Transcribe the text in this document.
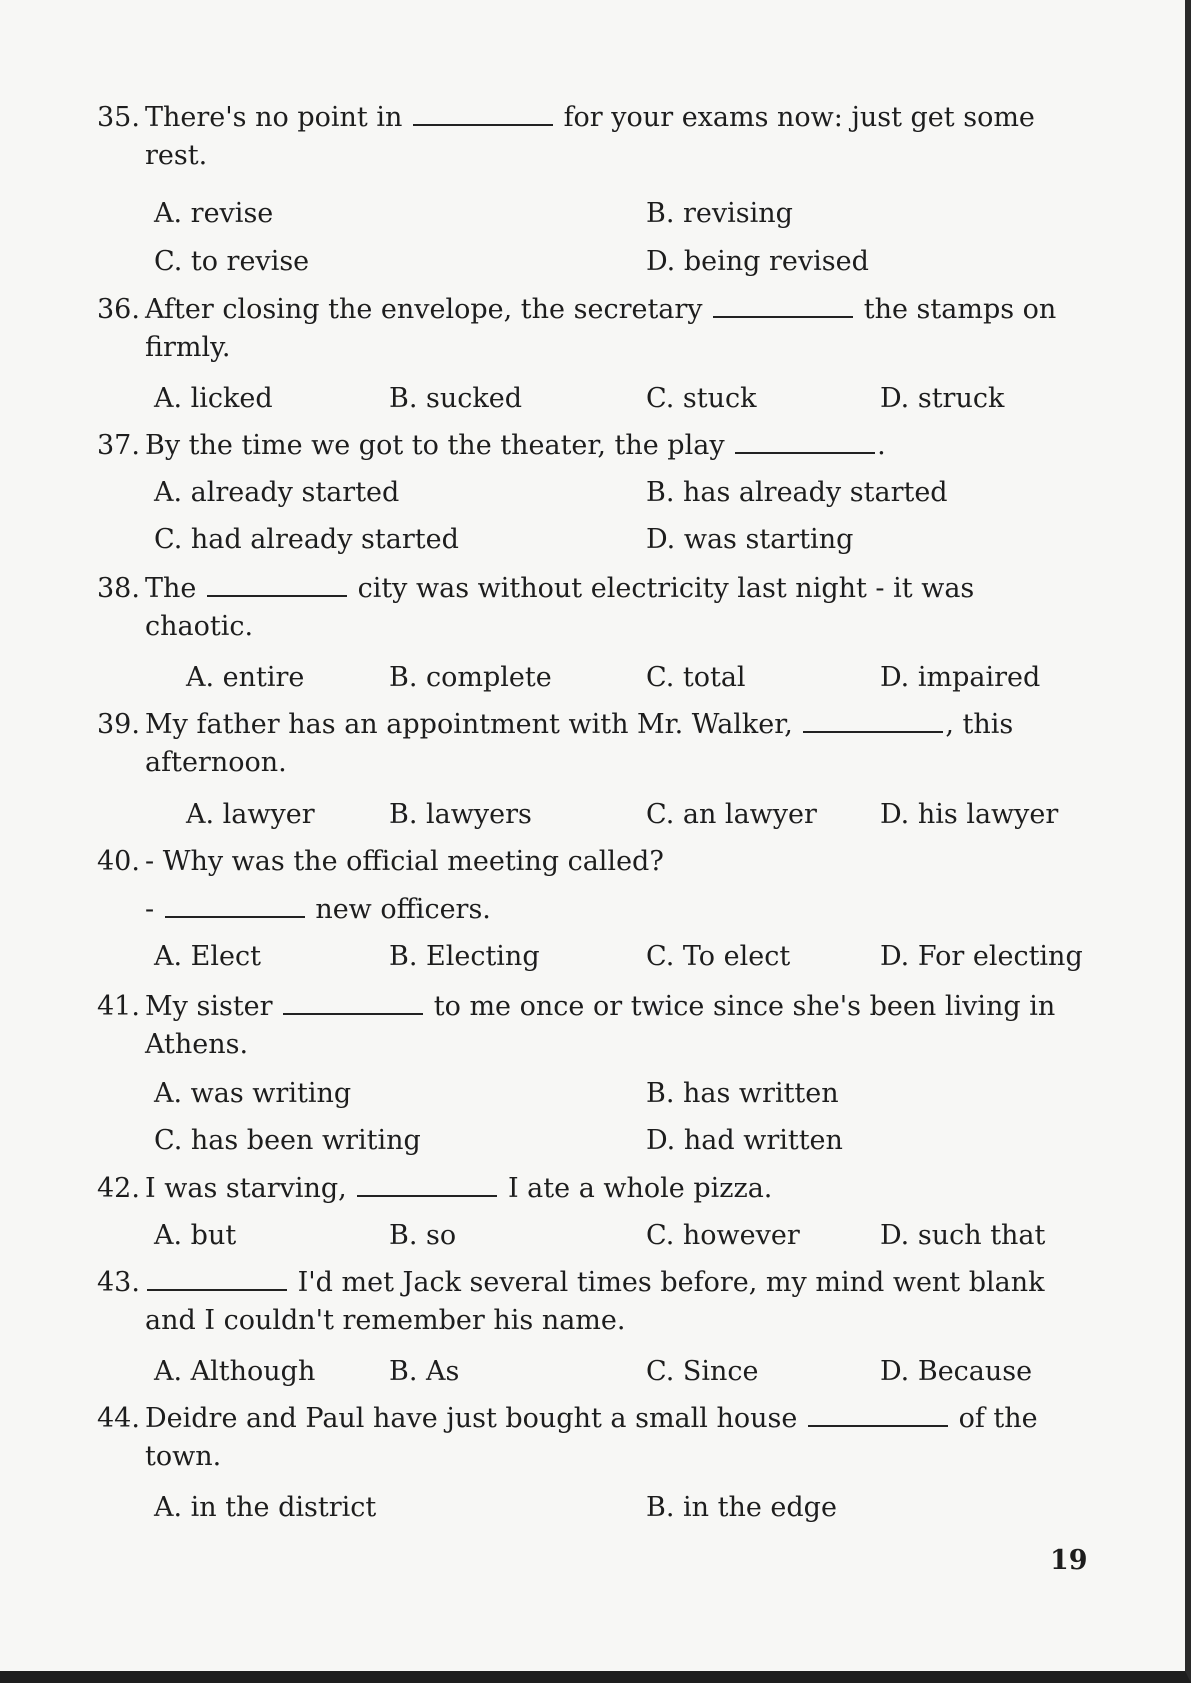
35. There's no point in	for your exams now: just get some
rest.
A. revise	B. revising
C. to revise	D. being revised
36. After closing the envelope, the secretary	the stamps on
firmly.
A. licked	B. sucked	C. stuck	D. struck
37. By the time we got to the theater, the play	.
A. already started	B. has already started
C. had already started	D. was starting
38. The	city was without electricity last night - it was
chaotic.
A. entire	B. complete	C. total	D. impaired
39. My father has an appointment with Mr. Walker,	, this
afternoon.
A. lawyer	B. lawyers	C. an lawyer D. his lawyer
40. - Why was the official meeting called?
-	new officers.
A. Elect	B. Electing	C. To elect	D. For electing
41. My sister	to me once or twice since she's been living in
Athens.
A. was writing	B. has written
C. has been writing	D. had written
42. I was starving,	I ate a whole pizza.
A. but	B. so	C. however	D. such that
43.	I'd met Jack several times before, my mind went blank
and I couldn't remember his name.
A. Although	B. As	C. Since	D. Because
44. Deidre and Paul have just bought a small house	of the
town.
A. in the district	B. in the edge
19
